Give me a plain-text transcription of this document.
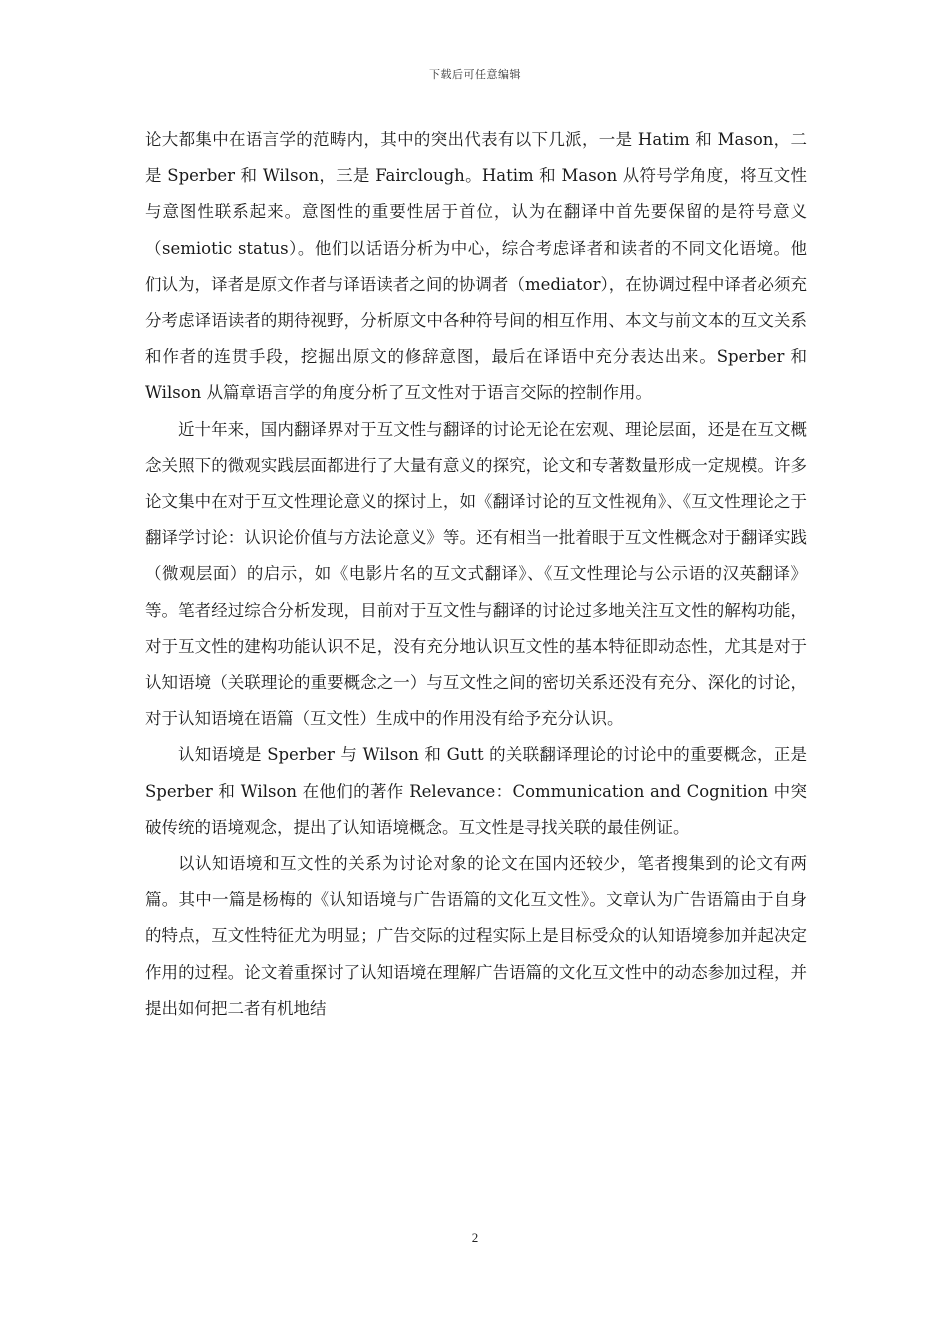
下载后可任意编辑

论大都集中在语言学的范畴内，其中的突出代表有以下几派，一是 Hatim 和 Mason，二是 Sperber 和 Wilson，三是 Fairclough。Hatim 和 Mason 从符号学角度，将互文性与意图性联系起来。意图性的重要性居于首位，认为在翻译中首先要保留的是符号意义（semiotic status）。他们以话语分析为中心，综合考虑译者和读者的不同文化语境。他们认为，译者是原文作者与译语读者之间的协调者（mediator），在协调过程中译者必须充分考虑译语读者的期待视野，分析原文中各种符号间的相互作用、本文与前文本的互文关系和作者的连贯手段，挖掘出原文的修辞意图，最后在译语中充分表达出来。Sperber 和 Wilson 从篇章语言学的角度分析了互文性对于语言交际的控制作用。

近十年来，国内翻译界对于互文性与翻译的讨论无论在宏观、理论层面，还是在互文概念关照下的微观实践层面都进行了大量有意义的探究，论文和专著数量形成一定规模。许多论文集中在对于互文性理论意义的探讨上，如《翻译讨论的互文性视角》、《互文性理论之于翻译学讨论：认识论价值与方法论意义》等。还有相当一批着眼于互文性概念对于翻译实践（微观层面）的启示，如《电影片名的互文式翻译》、《互文性理论与公示语的汉英翻译》等。笔者经过综合分析发现，目前对于互文性与翻译的讨论过多地关注互文性的解构功能，对于互文性的建构功能认识不足，没有充分地认识互文性的基本特征即动态性，尤其是对于认知语境（关联理论的重要概念之一）与互文性之间的密切关系还没有充分、深化的讨论，对于认知语境在语篇（互文性）生成中的作用没有给予充分认识。

认知语境是 Sperber 与 Wilson 和 Gutt 的关联翻译理论的讨论中的重要概念，正是 Sperber 和 Wilson 在他们的著作 Relevance：Communication and Cognition 中突破传统的语境观念，提出了认知语境概念。互文性是寻找关联的最佳例证。

以认知语境和互文性的关系为讨论对象的论文在国内还较少，笔者搜集到的论文有两篇。其中一篇是杨梅的《认知语境与广告语篇的文化互文性》。文章认为广告语篇由于自身的特点，互文性特征尤为明显；广告交际的过程实际上是目标受众的认知语境参加并起决定作用的过程。论文着重探讨了认知语境在理解广告语篇的文化互文性中的动态参加过程，并提出如何把二者有机地结

2
